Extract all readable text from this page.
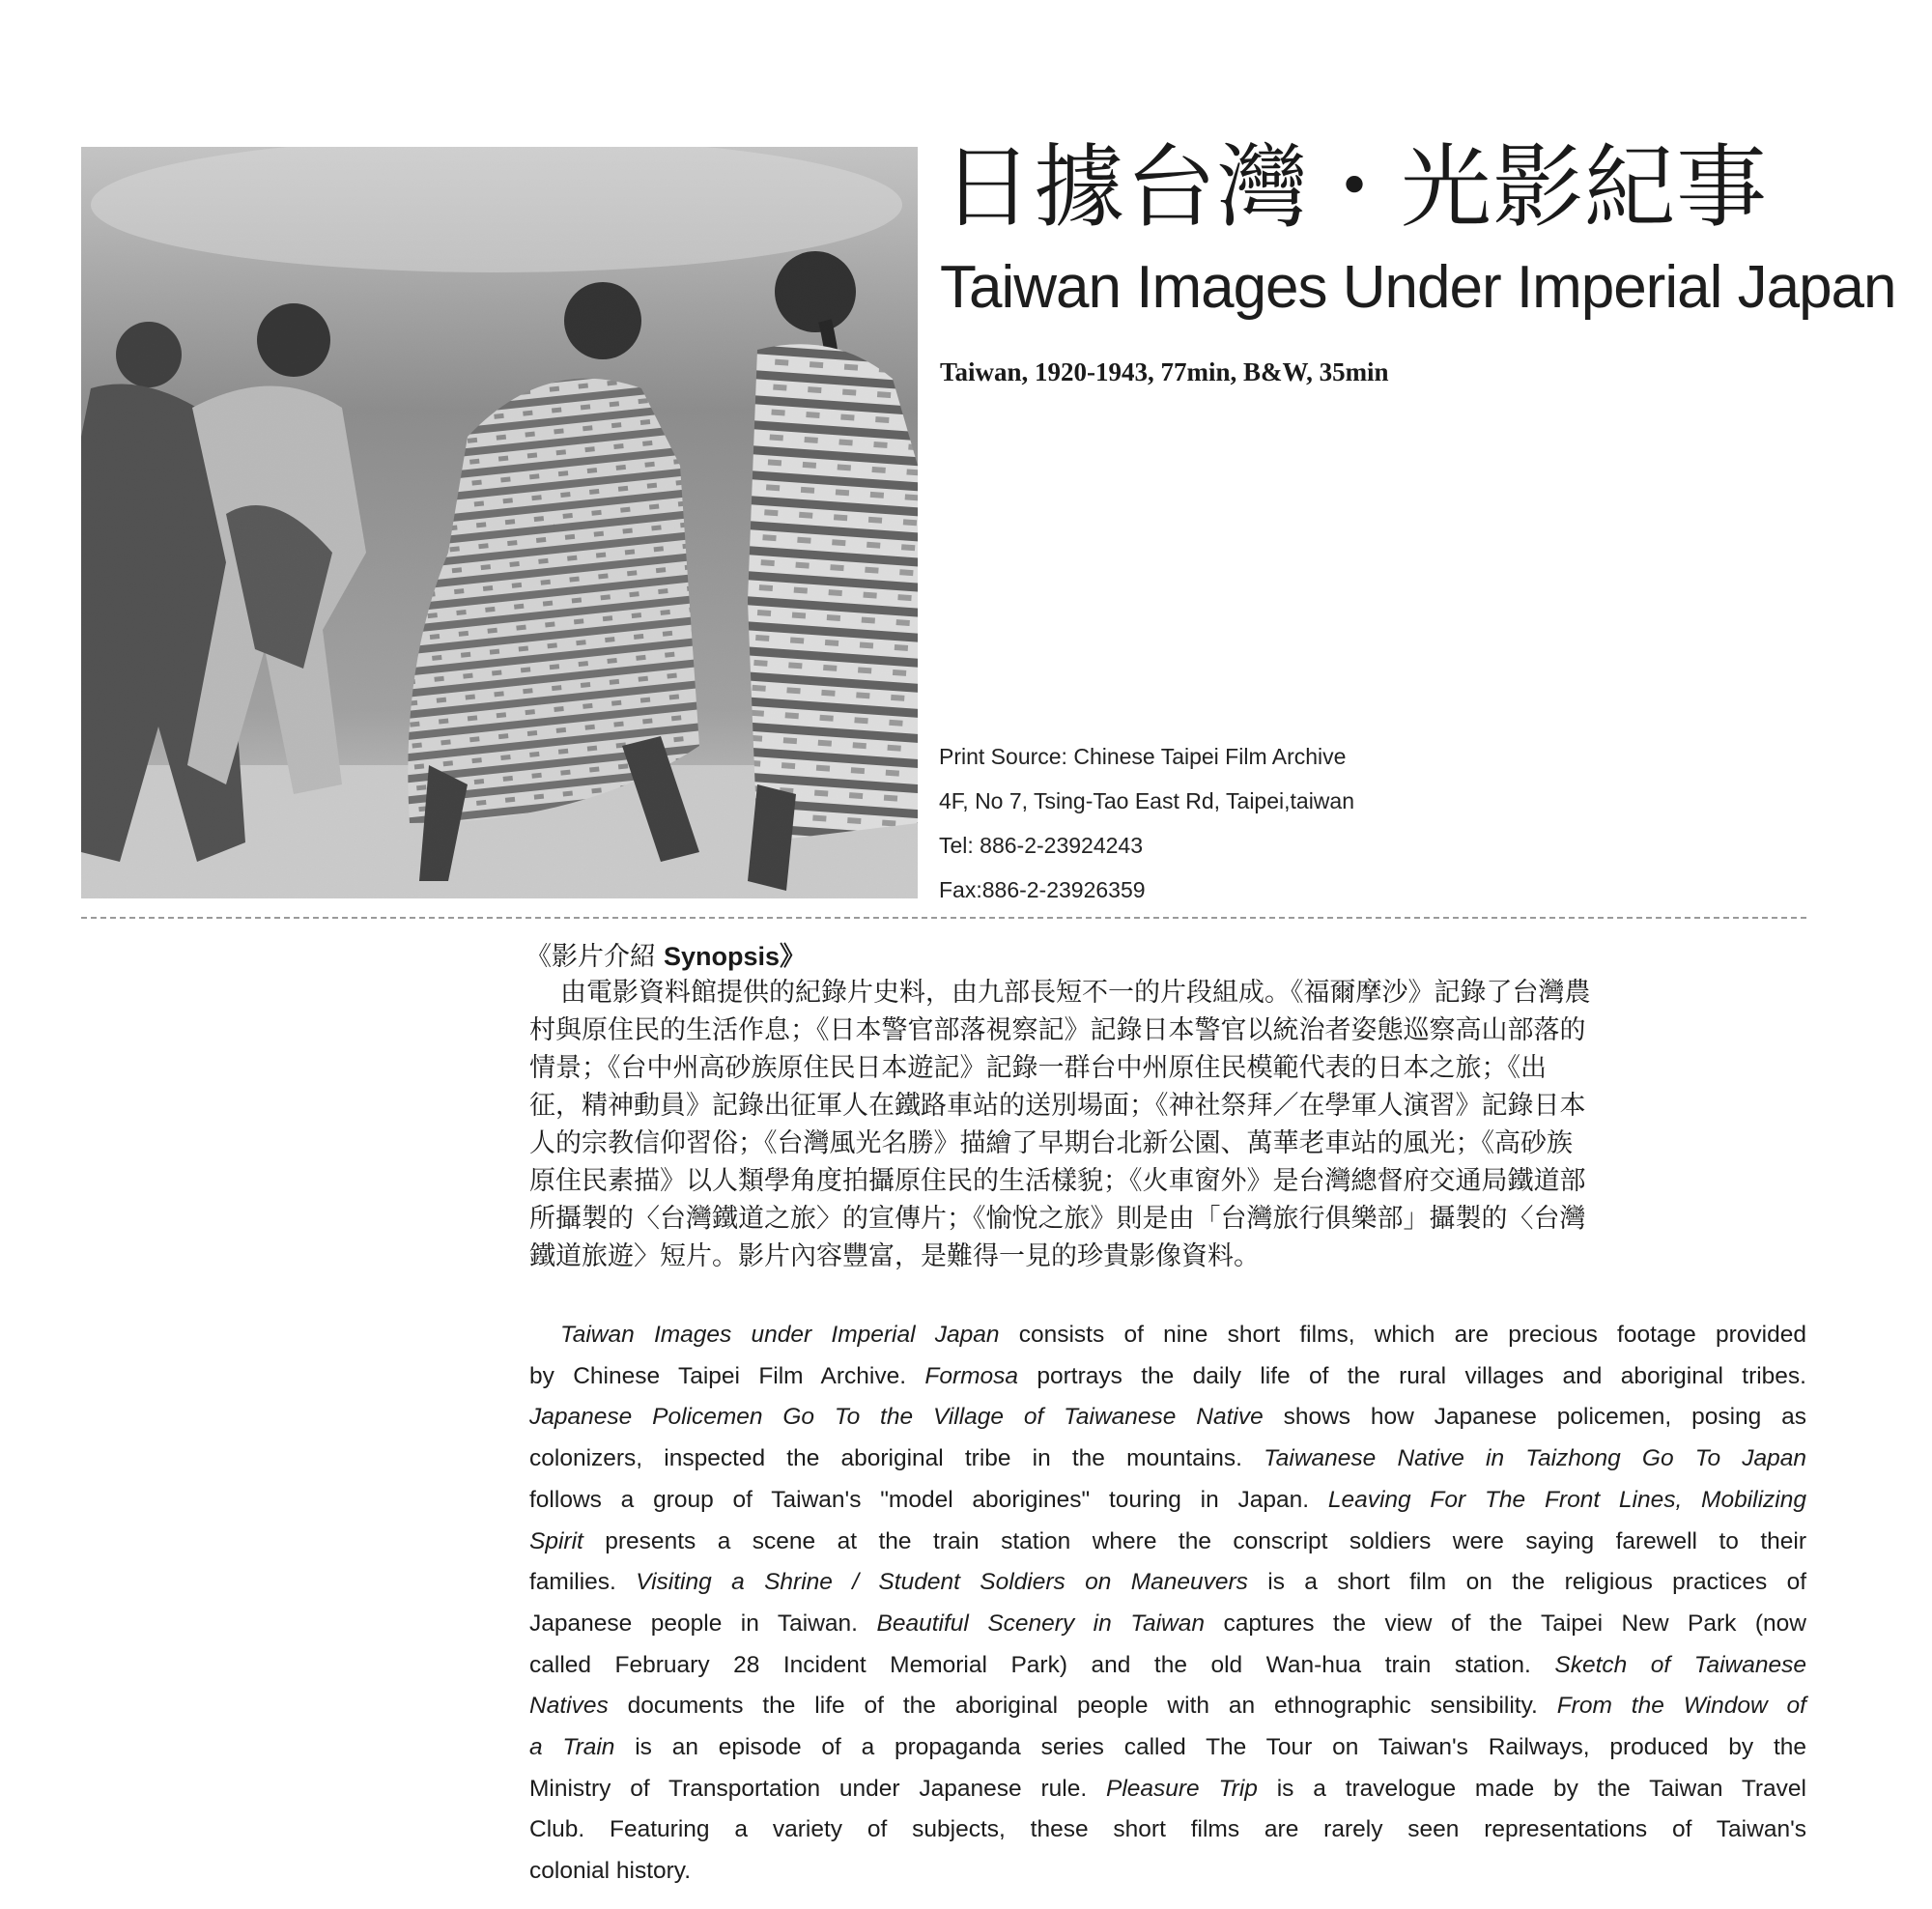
日據台灣・光影紀事
Taiwan Images Under Imperial Japan
Taiwan, 1920-1943, 77min, B&W, 35min
Print Source: Chinese Taipei Film Archive
4F, No 7, Tsing-Tao East Rd, Taipei,taiwan
Tel: 886-2-23924243
Fax:886-2-23926359
《影片介紹 Synopsis》
由電影資料館提供的紀錄片史料，由九部長短不一的片段組成。《福爾摩沙》記錄了台灣農
村與原住民的生活作息；《日本警官部落視察記》記錄日本警官以統治者姿態巡察高山部落的
情景；《台中州高砂族原住民日本遊記》記錄一群台中州原住民模範代表的日本之旅；《出
征，精神動員》記錄出征軍人在鐵路車站的送別場面；《神社祭拜／在學軍人演習》記錄日本
人的宗教信仰習俗；《台灣風光名勝》描繪了早期台北新公園、萬華老車站的風光；《高砂族
原住民素描》以人類學角度拍攝原住民的生活樣貌；《火車窗外》是台灣總督府交通局鐵道部
所攝製的〈台灣鐵道之旅〉的宣傳片；《愉悅之旅》則是由「台灣旅行俱樂部」攝製的〈台灣
鐵道旅遊〉短片。影片內容豐富，是難得一見的珍貴影像資料。
Taiwan Images under Imperial Japan consists of nine short films, which are precious footage provided
by Chinese Taipei Film Archive. Formosa portrays the daily life of the rural villages and aboriginal tribes.
Japanese Policemen Go To the Village of Taiwanese Native shows how Japanese policemen, posing as
colonizers, inspected the aboriginal tribe in the mountains. Taiwanese Native in Taizhong Go To Japan
follows a group of Taiwan's "model aborigines" touring in Japan. Leaving For The Front Lines, Mobilizing
Spirit presents a scene at the train station where the conscript soldiers were saying farewell to their
families. Visiting a Shrine / Student Soldiers on Maneuvers is a short film on the religious practices of
Japanese people in Taiwan. Beautiful Scenery in Taiwan captures the view of the Taipei New Park (now
called February 28 Incident Memorial Park) and the old Wan-hua train station. Sketch of Taiwanese
Natives documents the life of the aboriginal people with an ethnographic sensibility. From the Window of
a Train is an episode of a propaganda series called The Tour on Taiwan's Railways, produced by the
Ministry of Transportation under Japanese rule. Pleasure Trip is a travelogue made by the Taiwan Travel
Club. Featuring a variety of subjects, these short films are rarely seen representations of Taiwan's
colonial history.
